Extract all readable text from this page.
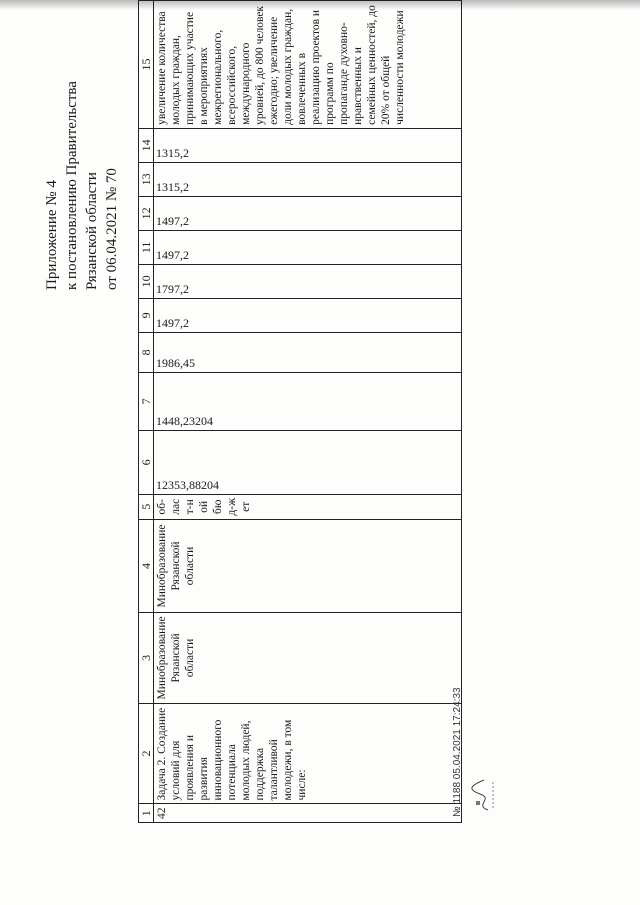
Приложение № 4 к постановлению Правительства Рязанской области от 06.04.2021 № 70
1	2	3	4	5	6	7	8	9	10	11	12	13	14	15
42	Задача 2. Создание условий для проявления и развития инновационного потенциала молодых людей, поддержка талантливой молодежи, в том числе:	Минобразование Рязанской области	Минобразование Рязанской области	об-ласт-ной бюд-жет	12353,88204	1448,23204	1986,45	1497,2	1797,2	1497,2	1497,2	1315,2	1315,2	увеличение количества молодых граждан, принимающих участие в мероприятиях межрегионального, всероссийского, международного уровней, до 800 человек ежегодно; увеличение доли молодых граждан, вовлеченных в реализацию проектов и программ по пропаганде духовно-нравственных и семейных ценностей, до 20% от общей численности молодежи
№ 1188 05.04.2021 17:24:33
